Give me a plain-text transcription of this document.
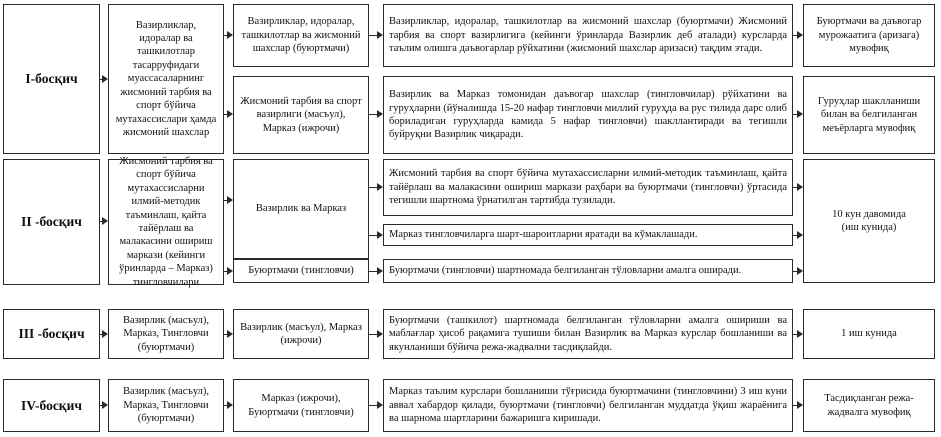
I-босқич
Вазирликлар, идоралар ва ташкилотлар тасарруфидаги муассасаларнинг жисмоний тарбия ва спорт бўйича мутахассислари ҳамда жисмоний шахслар
Вазирликлар, идоралар, ташкилотлар ва жисмоний шахслар (буюртмачи)
Вазирликлар, идоралар, ташкилотлар ва жисмоний шахслар (буюртмачи) Жисмоний тарбия ва спорт вазирлигига (кейинги ўринларда Вазирлик деб аталади) курсларда таълим олишга даъвогарлар рўйхатини (жисмоний шахслар аризаси) тақдим этади.
Буюртмачи ва даъвогар мурожаатига (аризага) мувофиқ
Жисмоний тарбия ва спорт вазирлиги (масъул), Марказ (ижрочи)
Вазирлик ва Марказ томонидан даъвогар шахслар (тингловчилар) рўйхатини ва гуруҳларни (йўналишда 15-20 нафар тингловчи миллий гуруҳда ва рус тилида дарс олиб бориладиган гуруҳларда камида 5 нафар тингловчи) шакллантиради ва тегишли буйруқни Вазирлик чиқаради.
Гуруҳлар шаклланиши билан ва белгиланган меъёрларга мувофиқ
II -босқич
Жисмоний тарбия ва спорт бўйича мутахассисларни илмий-методик таъминлаш, қайта тайёрлаш ва малакасини ошириш маркази (кейинги ўринларда – Марказ) тингловчилари
Вазирлик ва Марказ
Жисмоний тарбия ва спорт бўйича мутахассисларни илмий-методик таъминлаш, қайта тайёрлаш ва малакасини ошириш маркази раҳбари ва буюртмачи (тингловчи) ўртасида тегишли шартнома ўрнатилган тартибда тузилади.
Марказ тингловчиларга шарт-шароитларни яратади ва кўмаклашади.
Буюртмачи (тингловчи)	Буюртмачи (тингловчи) шартномада белгиланган тўловларни амалга оширади.
10 кун давомида (иш кунида)
III -босқич
Вазирлик (масъул), Марказ, Тингловчи (буюртмачи)
Вазирлик (масъул), Марказ (ижрочи)
Буюртмачи (ташкилот) шартномада белгиланган тўловларни амалга ошириши ва маблағлар ҳисоб рақамига тушиши билан Вазирлик ва Марказ курслар бошланиши ва якунланиши бўйича режа-жадвални тасдиқлайди.
1 иш кунида
IV-босқич
Вазирлик (масъул), Марказ, Тингловчи (буюртмачи)
Марказ (ижрочи), Буюртмачи (тингловчи)
Марказ таълим курслари бошланиши тўғрисида буюртмачини (тингловчини) 3 иш куни аввал хабардор қилади, буюртмачи (тингловчи) белгиланган муддатда ўқиш жараёнига ва шарнома шартларини бажаришга киришади.
Тасдиқланган режа-жадвалга мувофиқ
